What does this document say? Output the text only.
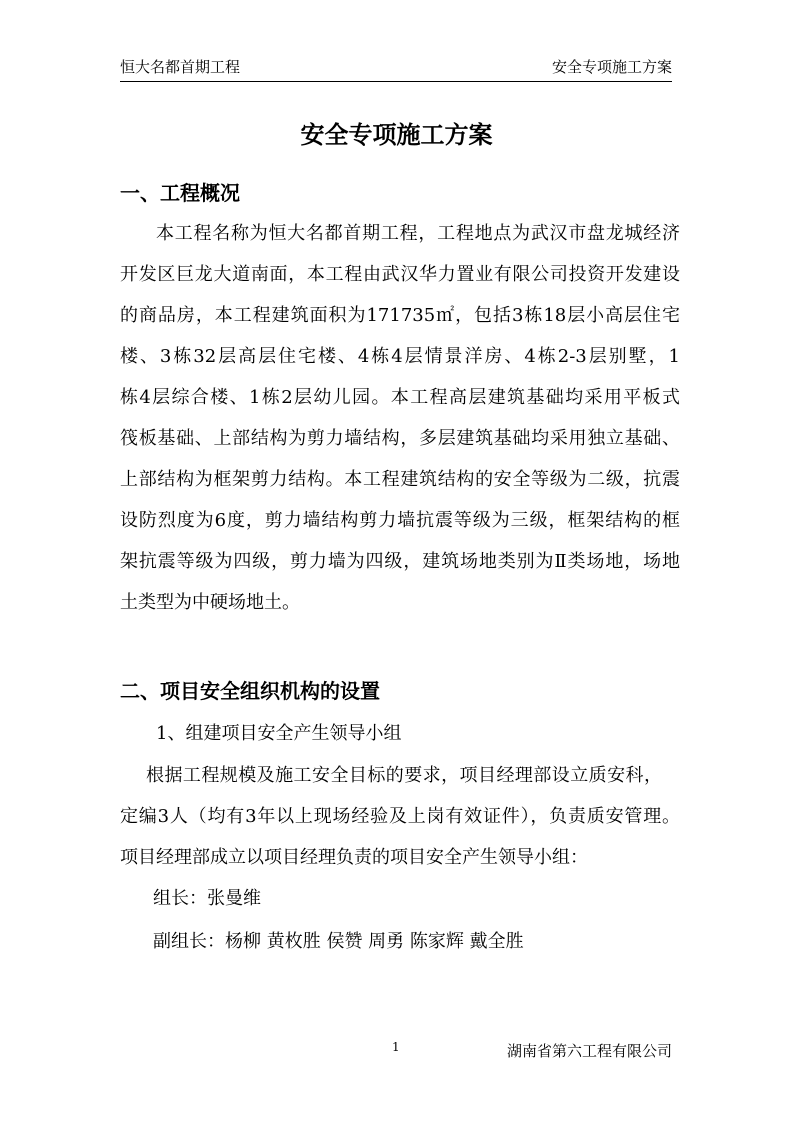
恒大名都首期工程	安全专项施工方案
安全专项施工方案
一、工程概况
本工程名称为恒大名都首期工程，工程地点为武汉市盘龙城经济
开发区巨龙大道南面，本工程由武汉华力置业有限公司投资开发建设
的商品房，本工程建筑面积为171735㎡，包括3栋18层小高层住宅
楼、3栋32层高层住宅楼、4栋4层情景洋房、4栋2-3层别墅，1
栋4层综合楼、1栋2层幼儿园。本工程高层建筑基础均采用平板式
筏板基础、上部结构为剪力墙结构，多层建筑基础均采用独立基础、
上部结构为框架剪力结构。本工程建筑结构的安全等级为二级，抗震
设防烈度为6度，剪力墙结构剪力墙抗震等级为三级，框架结构的框
架抗震等级为四级，剪力墙为四级，建筑场地类别为Ⅱ类场地，场地
土类型为中硬场地土。
二、项目安全组织机构的设置
1、组建项目安全产生领导小组
根据工程规模及施工安全目标的要求，项目经理部设立质安科，
定编3人（均有3年以上现场经验及上岗有效证件），负责质安管理。
项目经理部成立以项目经理负责的项目安全产生领导小组：
组长：张曼维
副组长：杨柳 黄枚胜 侯赞 周勇 陈家辉 戴全胜
1	湖南省第六工程有限公司
